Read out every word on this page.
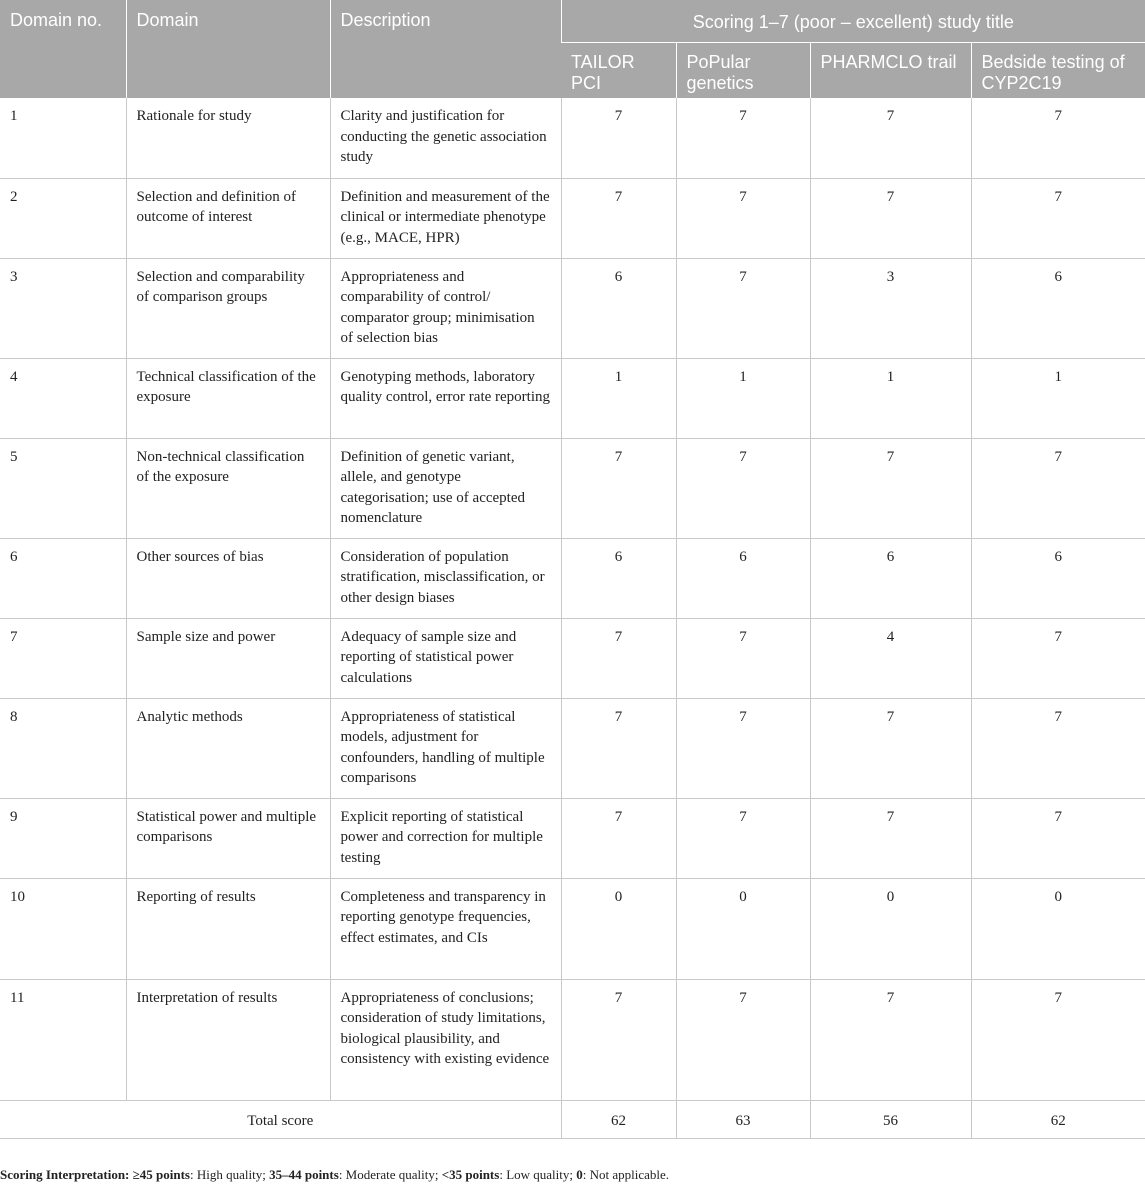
Domain no.	Domain	Description	Scoring 1–7 (poor – excellent) study title			
			TAILOR PCI	PoPular genetics	PHARMCLO trail	Bedside testing of CYP2C19
1	Rationale for study	Clarity and justification for conducting the genetic association study	7	7	7	7
2	Selection and definition of outcome of interest	Definition and measurement of the clinical or intermediate phenotype (e.g., MACE, HPR)	7	7	7	7
3	Selection and comparability of comparison groups	Appropriateness and comparability of control/ comparator group; minimisation of selection bias	6	7	3	6
4	Technical classification of the exposure	Genotyping methods, laboratory quality control, error rate reporting	1	1	1	1
5	Non-technical classification of the exposure	Definition of genetic variant, allele, and genotype categorisation; use of accepted nomenclature	7	7	7	7
6	Other sources of bias	Consideration of population stratification, misclassification, or other design biases	6	6	6	6
7	Sample size and power	Adequacy of sample size and reporting of statistical power calculations	7	7	4	7
8	Analytic methods	Appropriateness of statistical models, adjustment for confounders, handling of multiple comparisons	7	7	7	7
9	Statistical power and multiple comparisons	Explicit reporting of statistical power and correction for multiple testing	7	7	7	7
10	Reporting of results	Completeness and transparency in reporting genotype frequencies, effect estimates, and CIs	0	0	0	0
11	Interpretation of results	Appropriateness of conclusions; consideration of study limitations, biological plausibility, and consistency with existing evidence	7	7	7	7
Total score			62	63	56	62

Scoring Interpretation: ≥45 points: High quality; 35–44 points: Moderate quality; <35 points: Low quality; 0: Not applicable.
